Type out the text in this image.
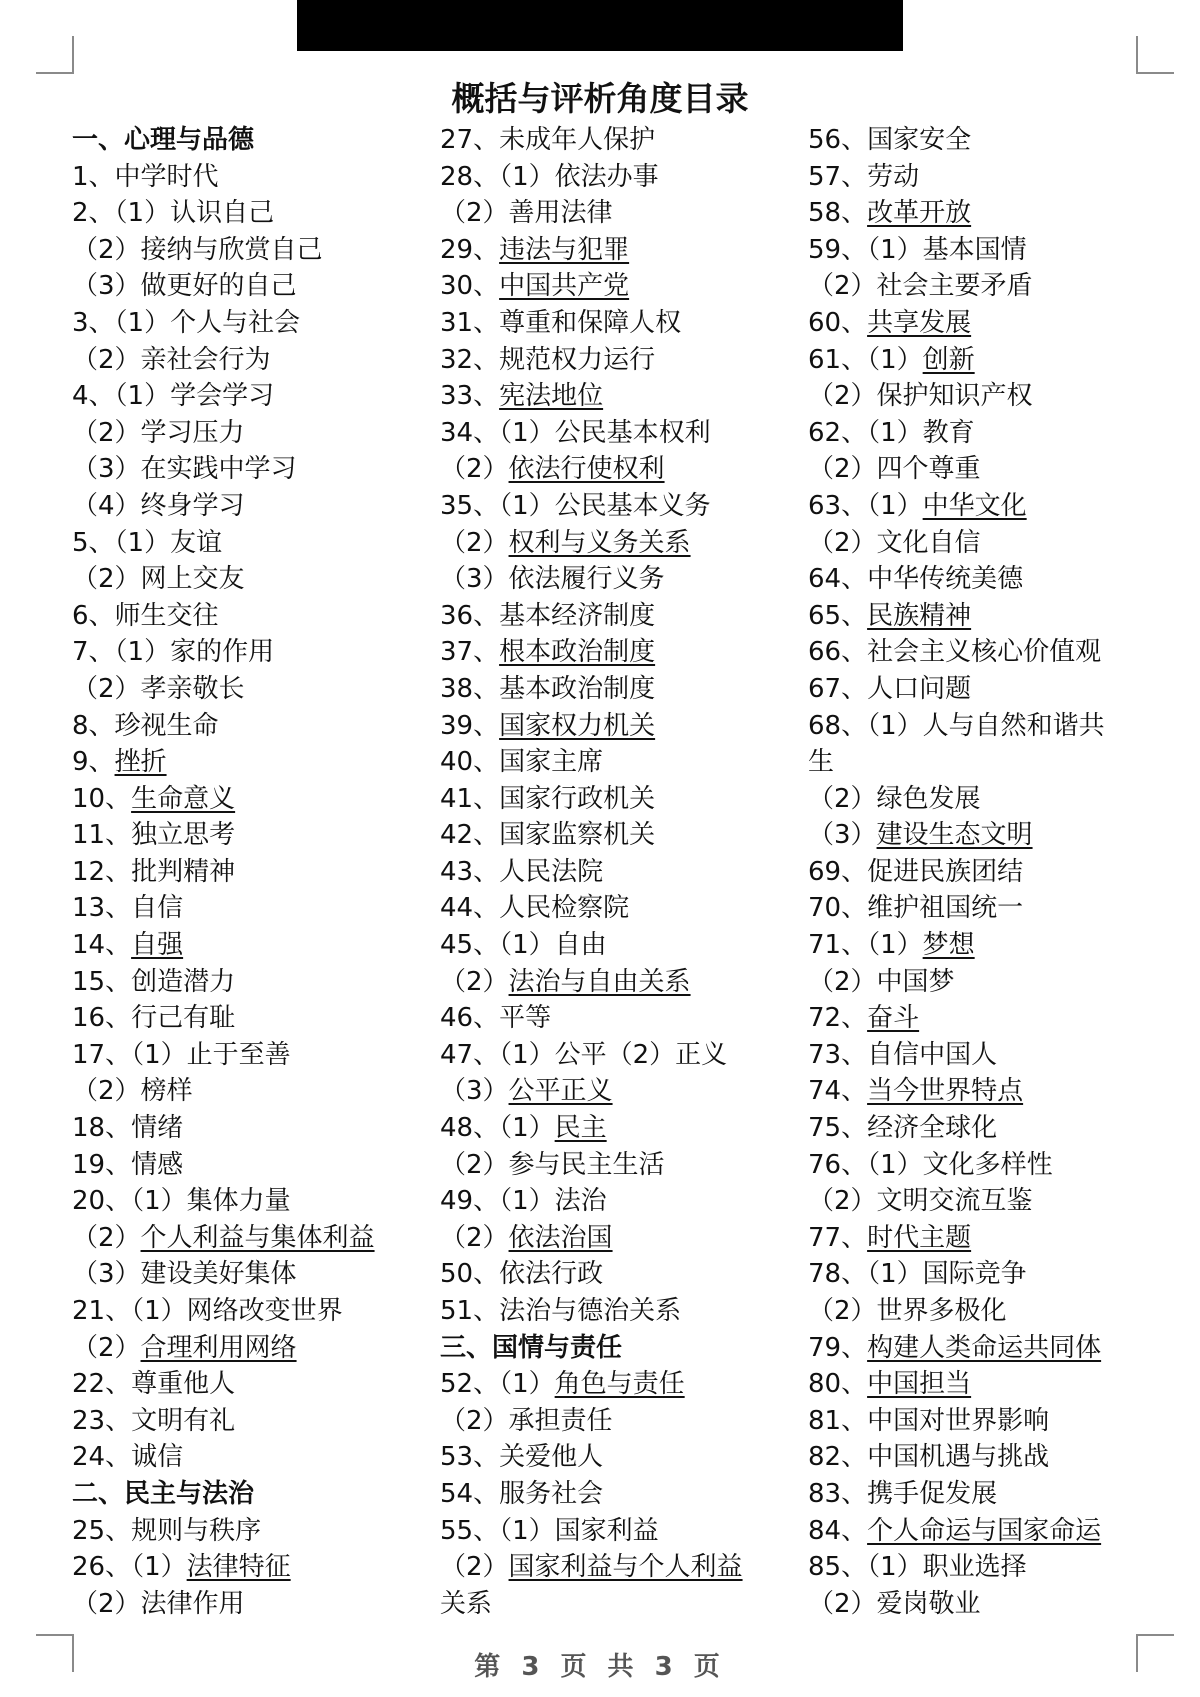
概括与评析角度目录
一、心理与品德
1、中学时代
2、（1）认识自己
（2）接纳与欣赏自己
（3）做更好的自己
3、（1）个人与社会
（2）亲社会行为
4、（1）学会学习
（2）学习压力
（3）在实践中学习
（4）终身学习
5、（1）友谊
（2）网上交友
6、师生交往
7、（1）家的作用
（2）孝亲敬长
8、珍视生命
9、挫折
10、生命意义
11、独立思考
12、批判精神
13、自信
14、自强
15、创造潜力
16、行己有耻
17、（1）止于至善
（2）榜样
18、情绪
19、情感
20、（1）集体力量
（2）个人利益与集体利益
（3）建设美好集体
21、（1）网络改变世界
（2）合理利用网络
22、尊重他人
23、文明有礼
24、诚信
二、民主与法治
25、规则与秩序
26、（1）法律特征
（2）法律作用
27、未成年人保护
28、（1）依法办事
（2）善用法律
29、违法与犯罪
30、中国共产党
31、尊重和保障人权
32、规范权力运行
33、宪法地位
34、（1）公民基本权利
（2）依法行使权利
35、（1）公民基本义务
（2）权利与义务关系
（3）依法履行义务
36、基本经济制度
37、根本政治制度
38、基本政治制度
39、国家权力机关
40、国家主席
41、国家行政机关
42、国家监察机关
43、人民法院
44、人民检察院
45、（1）自由
（2）法治与自由关系
46、平等
47、（1）公平（2）正义
（3）公平正义
48、（1）民主
（2）参与民主生活
49、（1）法治
（2）依法治国
50、依法行政
51、法治与德治关系
三、国情与责任
52、（1）角色与责任
（2）承担责任
53、关爱他人
54、服务社会
55、（1）国家利益
（2）国家利益与个人利益
关系
56、国家安全
57、劳动
58、改革开放
59、（1）基本国情
（2）社会主要矛盾
60、共享发展
61、（1）创新
（2）保护知识产权
62、（1）教育
（2）四个尊重
63、（1）中华文化
（2）文化自信
64、中华传统美德
65、民族精神
66、社会主义核心价值观
67、人口问题
68、（1）人与自然和谐共
生
（2）绿色发展
（3）建设生态文明
69、促进民族团结
70、维护祖国统一
71、（1）梦想
（2）中国梦
72、奋斗
73、自信中国人
74、当今世界特点
75、经济全球化
76、（1）文化多样性
（2）文明交流互鉴
77、时代主题
78、（1）国际竞争
（2）世界多极化
79、构建人类命运共同体
80、中国担当
81、中国对世界影响
82、中国机遇与挑战
83、携手促发展
84、个人命运与国家命运
85、（1）职业选择
（2）爱岗敬业
第 3 页 共 3 页
